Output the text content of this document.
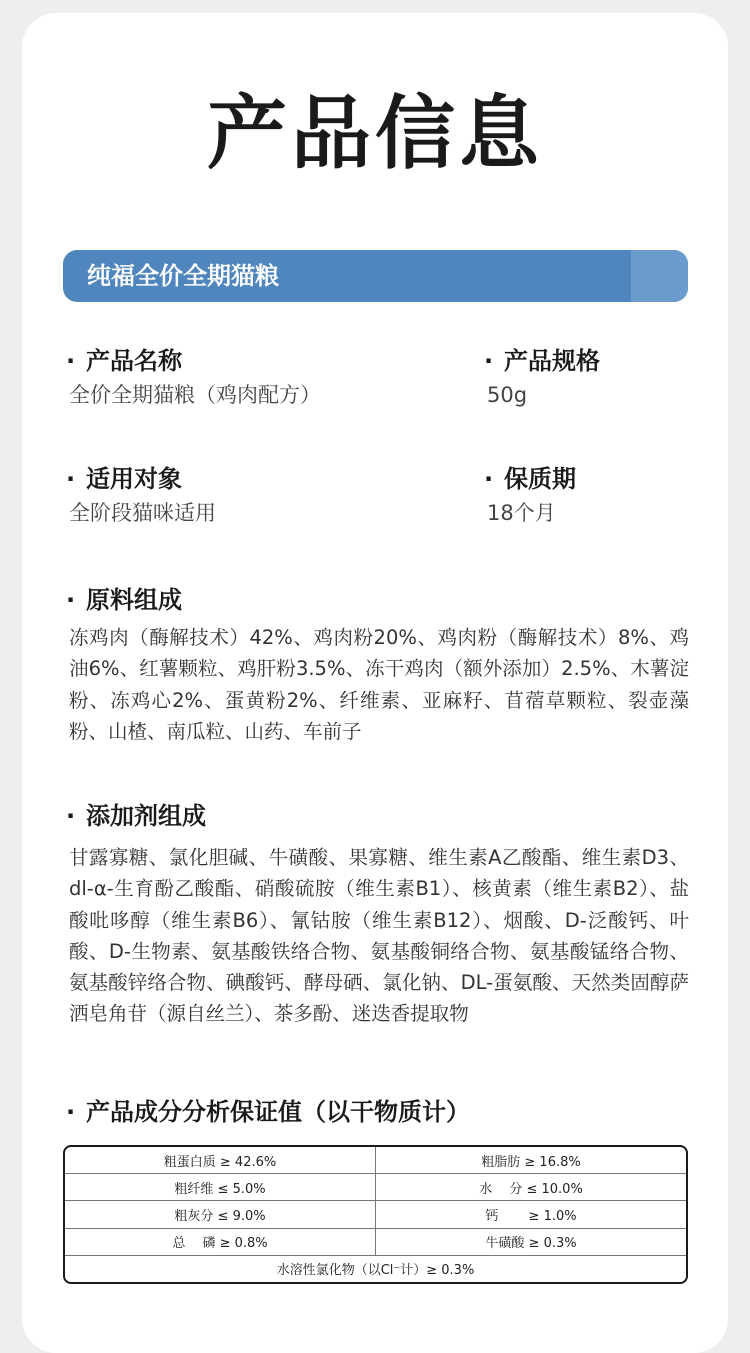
产品信息
纯福全价全期猫粮
· 产品名称
全价全期猫粮（鸡肉配方）
· 产品规格
50g
· 适用对象
全阶段猫咪适用
· 保质期
18个月
· 原料组成
冻鸡肉（酶解技术）42%、鸡肉粉20%、鸡肉粉（酶解技术）8%、鸡油6%、红薯颗粒、鸡肝粉3.5%、冻干鸡肉（额外添加）2.5%、木薯淀粉、冻鸡心2%、蛋黄粉2%、纤维素、亚麻籽、苜蓿草颗粒、裂壶藻粉、山楂、南瓜粒、山药、车前子
· 添加剂组成
甘露寡糖、氯化胆碱、牛磺酸、果寡糖、维生素A乙酸酯、维生素D3、dl-α-生育酚乙酸酯、硝酸硫胺（维生素B1）、核黄素（维生素B2）、盐酸吡哆醇（维生素B6）、氰钴胺（维生素B12）、烟酸、D-泛酸钙、叶酸、D-生物素、氨基酸铁络合物、氨基酸铜络合物、氨基酸锰络合物、氨基酸锌络合物、碘酸钙、酵母硒、氯化钠、DL-蛋氨酸、天然类固醇萨洒皂角苷（源自丝兰）、茶多酚、迷迭香提取物
· 产品成分分析保证值（以干物质计）
粗蛋白质 ≥ 42.6%	粗脂肪 ≥ 16.8%
粗纤维 ≤ 5.0%	水　 分 ≤ 10.0%
粗灰分 ≤ 9.0%	钙　　 ≥ 1.0%
总　 磷 ≥ 0.8%	牛磺酸 ≥ 0.3%
水溶性氯化物（以Cl⁻计）≥ 0.3%	
